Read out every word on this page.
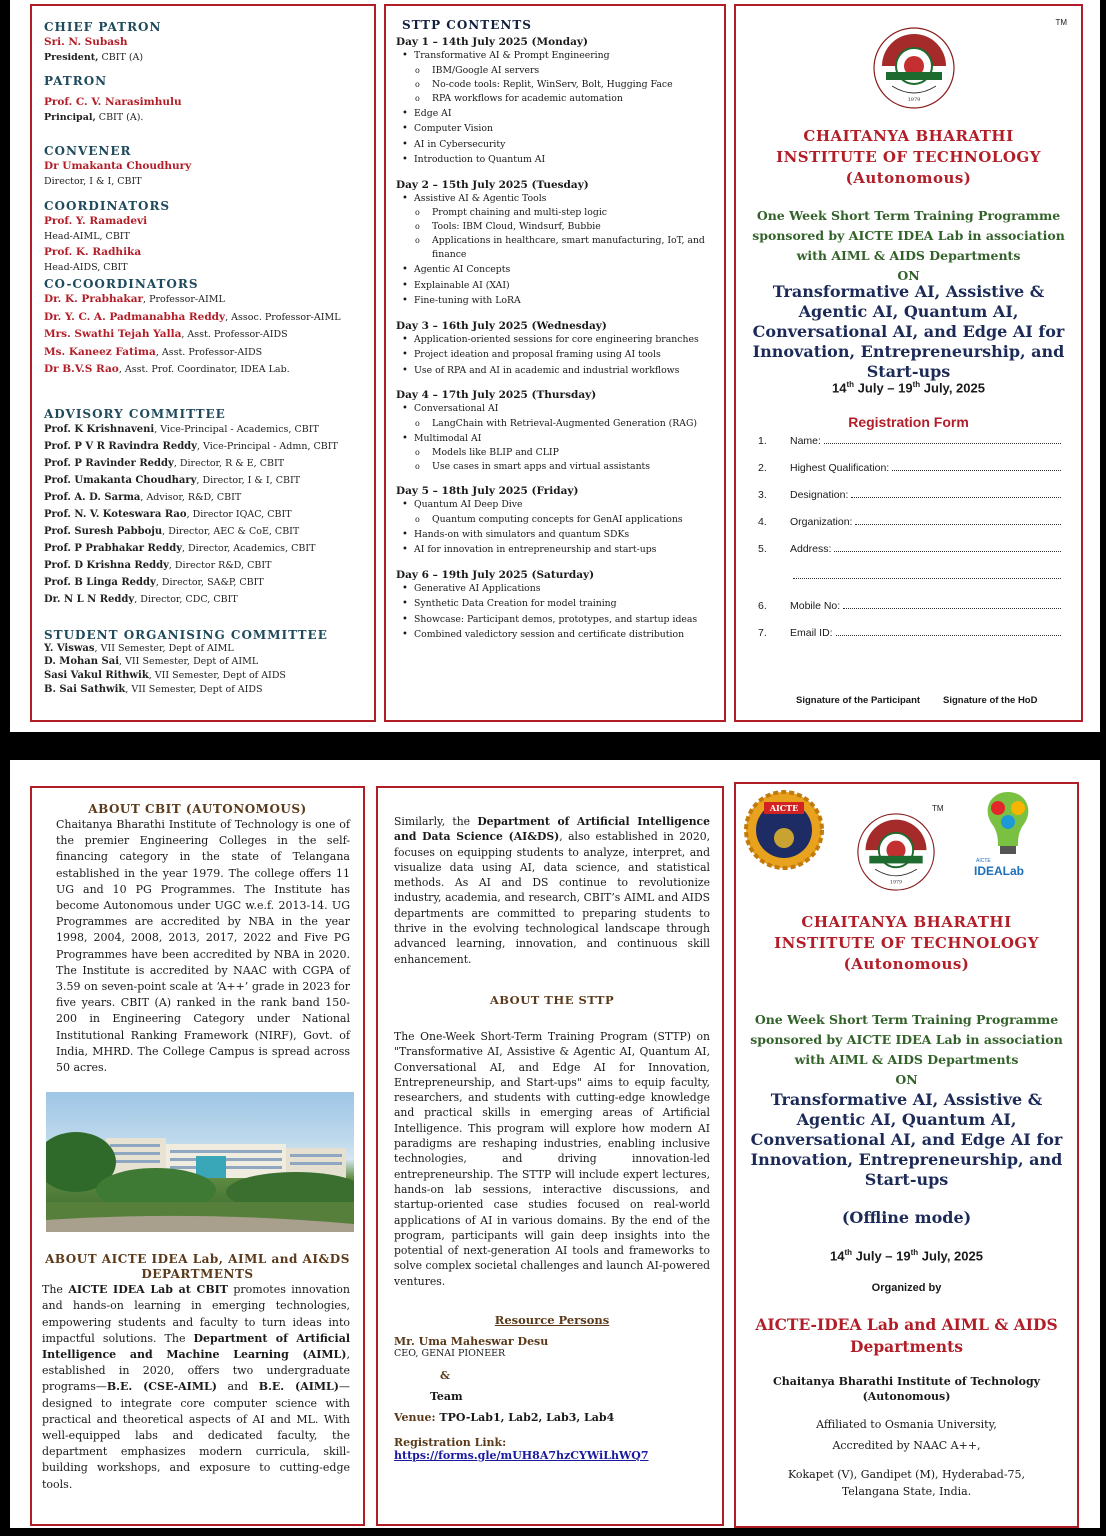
CHIEF PATRON
Sri. N. Subash
President, CBIT (A)
PATRON
Prof. C. V. Narasimhulu
Principal, CBIT (A).
CONVENER
Dr Umakanta Choudhury
Director, I & I, CBIT
COORDINATORS
Prof. Y. Ramadevi
Head-AIML, CBIT
Prof. K. Radhika
Head-AIDS, CBIT
CO-COORDINATORS
Dr. K. Prabhakar, Professor-AIML
Dr. Y. C. A. Padmanabha Reddy, Assoc. Professor-AIML
Mrs. Swathi Tejah Yalla, Asst. Professor-AIDS
Ms. Kaneez Fatima, Asst. Professor-AIDS
Dr B.V.S Rao, Asst. Prof. Coordinator, IDEA Lab.
ADVISORY COMMITTEE
Prof. K Krishnaveni, Vice-Principal - Academics, CBIT
Prof. P V R Ravindra Reddy, Vice-Principal - Admn, CBIT
Prof. P Ravinder Reddy, Director, R & E, CBIT
Prof. Umakanta Choudhary, Director, I & I, CBIT
Prof. A. D. Sarma, Advisor, R&D, CBIT
Prof. N. V. Koteswara Rao, Director IQAC, CBIT
Prof. Suresh Pabboju, Director, AEC & CoE, CBIT
Prof. P Prabhakar Reddy, Director, Academics, CBIT
Prof. D Krishna Reddy, Director R&D, CBIT
Prof. B Linga Reddy, Director, SA&P, CBIT
Dr. N L N Reddy, Director, CDC, CBIT
STUDENT ORGANISING COMMITTEE
Y. Viswas, VII Semester, Dept of AIML
D. Mohan Sai, VII Semester, Dept of AIML
Sasi Vakul Rithwik, VII Semester, Dept of AIDS
B. Sai Sathwik, VII Semester, Dept of AIDS
STTP CONTENTS
Day 1 – 14th July 2025 (Monday)
• Transformative AI & Prompt Engineering
o IBM/Google AI servers
o No-code tools: Replit, WinServ, Bolt, Hugging Face
o RPA workflows for academic automation
• Edge AI
• Computer Vision
• AI in Cybersecurity
• Introduction to Quantum AI
Day 2 – 15th July 2025 (Tuesday)
• Assistive AI & Agentic Tools
o Prompt chaining and multi-step logic
o Tools: IBM Cloud, Windsurf, Bubbie
o Applications in healthcare, smart manufacturing, IoT, and finance
• Agentic AI Concepts
• Explainable AI (XAI)
• Fine-tuning with LoRA
Day 3 – 16th July 2025 (Wednesday)
• Application-oriented sessions for core engineering branches
• Project ideation and proposal framing using AI tools
• Use of RPA and AI in academic and industrial workflows
Day 4 – 17th July 2025 (Thursday)
• Conversational AI
o LangChain with Retrieval-Augmented Generation (RAG)
• Multimodal AI
o Models like BLIP and CLIP
o Use cases in smart apps and virtual assistants
Day 5 – 18th July 2025 (Friday)
• Quantum AI Deep Dive
o Quantum computing concepts for GenAI applications
• Hands-on with simulators and quantum SDKs
• AI for innovation in entrepreneurship and start-ups
Day 6 – 19th July 2025 (Saturday)
• Generative AI Applications
• Synthetic Data Creation for model training
• Showcase: Participant demos, prototypes, and startup ideas
• Combined valedictory session and certificate distribution
1979
TM
CHAITANYA BHARATHI
INSTITUTE OF TECHNOLOGY
(Autonomous)
One Week Short Term Training Programme
sponsored by AICTE IDEA Lab in association
with AIML & AIDS Departments
ON
Transformative AI, Assistive &
Agentic AI, Quantum AI,
Conversational AI, and Edge AI for
Innovation, Entrepreneurship, and
Start-ups
14th July – 19th July, 2025
Registration Form
1.	Name:
2.	Highest Qualification:
3.	Designation:
4.	Organization:
5.	Address:
6.	Mobile No:
7.	Email ID:
Signature of the Participant Signature of the HoD
ABOUT CBIT (AUTONOMOUS)
Chaitanya Bharathi Institute of Technology is one of the premier Engineering Colleges in the self-financing category in the state of Telangana established in the year 1979. The college offers 11 UG and 10 PG Programmes. The Institute has become Autonomous under UGC w.e.f. 2013-14. UG Programmes are accredited by NBA in the year 1998, 2004, 2008, 2013, 2017, 2022 and Five PG Programmes have been accredited by NBA in 2020. The Institute is accredited by NAAC with CGPA of 3.59 on seven-point scale at ‘A++’ grade in 2023 for five years. CBIT (A) ranked in the rank band 150-200 in Engineering Category under National Institutional Ranking Framework (NIRF), Govt. of India, MHRD. The College Campus is spread across 50 acres.
ABOUT AICTE IDEA Lab, AIML and AI&DS
DEPARTMENTS
The AICTE IDEA Lab at CBIT promotes innovation and hands-on learning in emerging technologies, empowering students and faculty to turn ideas into impactful solutions. The Department of Artificial Intelligence and Machine Learning (AIML), established in 2020, offers two undergraduate programs—B.E. (CSE-AIML) and B.E. (AIML)—designed to integrate core computer science with practical and theoretical aspects of AI and ML. With well-equipped labs and dedicated faculty, the department emphasizes modern curricula, skill-building workshops, and exposure to cutting-edge tools.
Similarly, the Department of Artificial Intelligence and Data Science (AI&DS), also established in 2020, focuses on equipping students to analyze, interpret, and visualize data using AI, data science, and statistical methods. As AI and DS continue to revolutionize industry, academia, and research, CBIT’s AIML and AIDS departments are committed to preparing students to thrive in the evolving technological landscape through advanced learning, innovation, and continuous skill enhancement.
ABOUT THE STTP
The One-Week Short-Term Training Program (STTP) on "Transformative AI, Assistive & Agentic AI, Quantum AI, Conversational AI, and Edge AI for Innovation, Entrepreneurship, and Start-ups" aims to equip faculty, researchers, and students with cutting-edge knowledge and practical skills in emerging areas of Artificial Intelligence. This program will explore how modern AI paradigms are reshaping industries, enabling inclusive technologies, and driving innovation-led entrepreneurship. The STTP will include expert lectures, hands-on lab sessions, interactive discussions, and startup-oriented case studies focused on real-world applications of AI in various domains. By the end of the program, participants will gain deep insights into the potential of next-generation AI tools and frameworks to solve complex societal challenges and launch AI-powered ventures.
Resource Persons
Mr. Uma Maheswar Desu
CEO, GENAI PIONEER
&
Team
Venue: TPO-Lab1, Lab2, Lab3, Lab4
Registration Link:
https://forms.gle/mUH8A7hzCYWiLhWQ7
AICTE
1979
TM
AICTE
IDEALab
CHAITANYA BHARATHI
INSTITUTE OF TECHNOLOGY
(Autonomous)
One Week Short Term Training Programme
sponsored by AICTE IDEA Lab in association
with AIML & AIDS Departments
ON
Transformative AI, Assistive &
Agentic AI, Quantum AI,
Conversational AI, and Edge AI for
Innovation, Entrepreneurship, and
Start-ups
(Offline mode)
14th July – 19th July, 2025
Organized by
AICTE-IDEA Lab and AIML & AIDS
Departments
Chaitanya Bharathi Institute of Technology
(Autonomous)
Affiliated to Osmania University,
Accredited by NAAC A++,
Kokapet (V), Gandipet (M), Hyderabad-75,
Telangana State, India.
